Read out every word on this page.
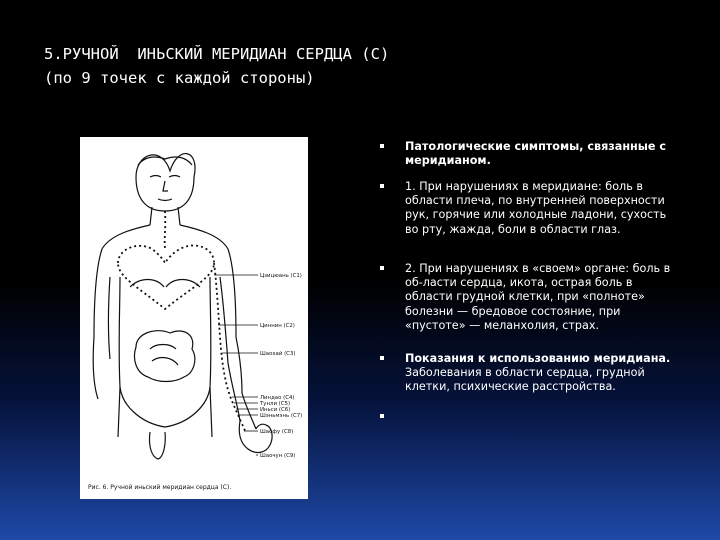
5.РУЧНОЙ  ИНЬСКИЙ МЕРИДИАН СЕРДЦА (С)
(по 9 точек с каждой стороны)
Цзицюань (C1)
Циннин (C2)
Шаохай (C3)
Линдао (C4)
Тунли (C5)
Иньси (C6)
Шэньмэнь (C7)
Шаофу (C8)
Шаочун (C9)
Рис. 6. Ручной иньский меридиан сердца (С).
Патологические симптомы, связанные с меридианом.
1. При нарушениях в меридиане: боль в области плеча, по внутренней поверхности рук, горячие или холодные ладони, сухость во рту, жажда, боли в области глаз.
2. При нарушениях в «своем» органе: боль в об-ласти сердца, икота, острая боль в области грудной клетки, при «полноте» болезни — бредовое состояние, при «пустоте» — меланхолия, страх.
Показания к использованию меридиана. Заболевания в области сердца, грудной клетки, психические расстройства.
